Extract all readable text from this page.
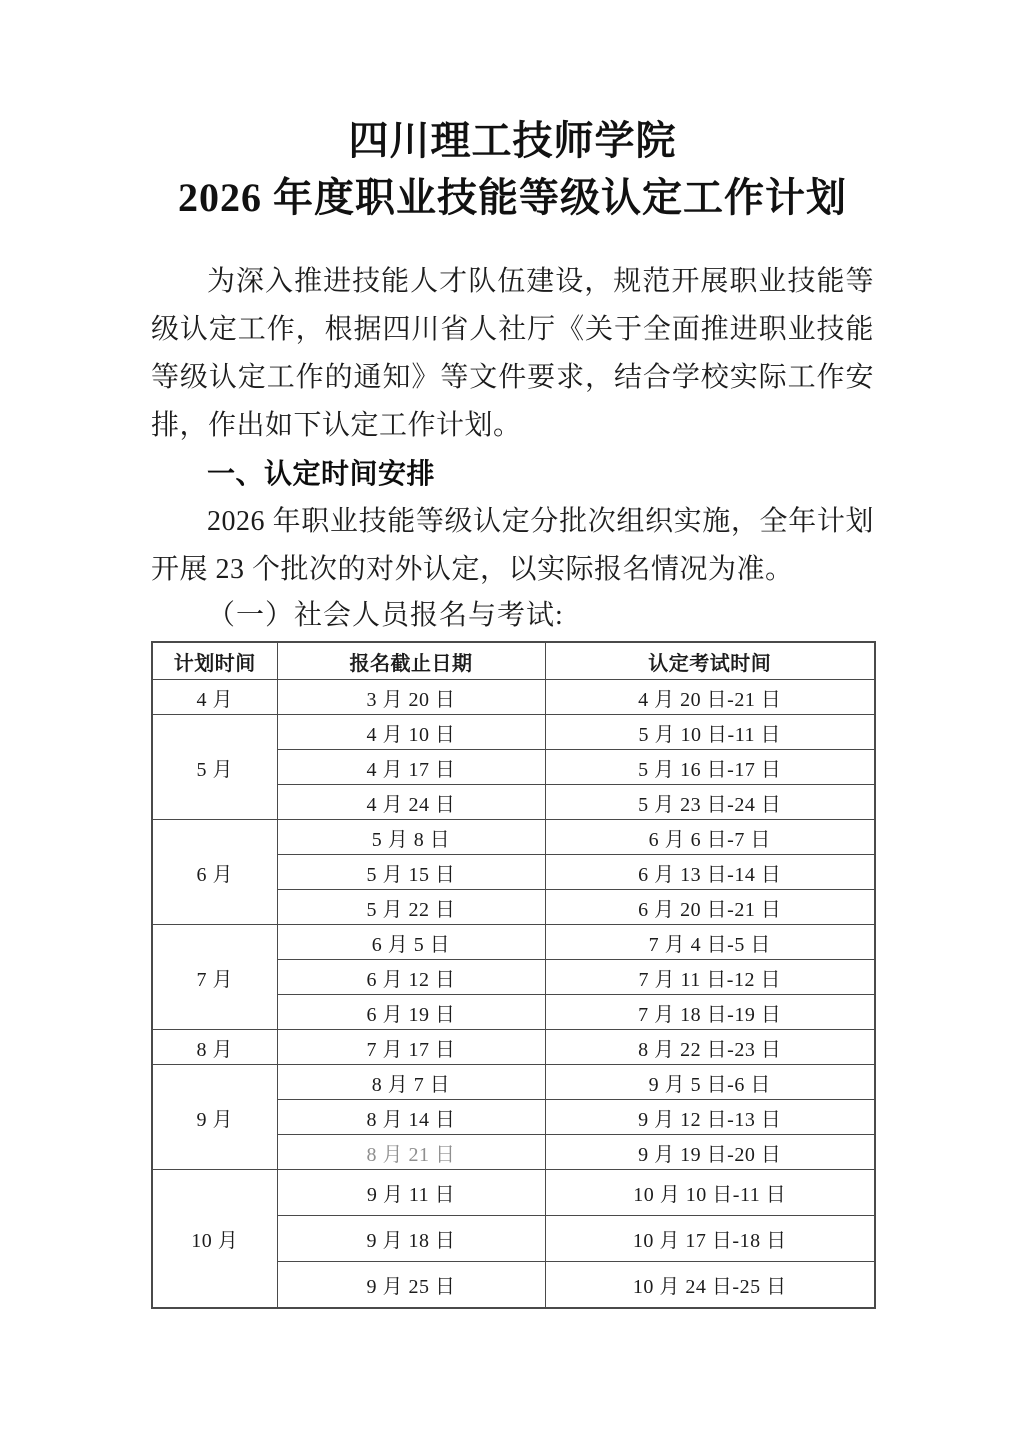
四川理工技师学院
2026 年度职业技能等级认定工作计划

为深入推进技能人才队伍建设，规范开展职业技能等级认定工作，根据四川省人社厅《关于全面推进职业技能等级认定工作的通知》等文件要求，结合学校实际工作安排，作出如下认定工作计划。

一、认定时间安排

2026 年职业技能等级认定分批次组织实施，全年计划开展 23 个批次的对外认定，以实际报名情况为准。

（一）社会人员报名与考试:

计划时间	报名截止日期	认定考试时间
4 月	3 月 20 日	4 月 20 日-21 日
5 月	4 月 10 日	5 月 10 日-11 日
	4 月 17 日	5 月 16 日-17 日
	4 月 24 日	5 月 23 日-24 日
6 月	5 月 8 日	6 月 6 日-7 日
	5 月 15 日	6 月 13 日-14 日
	5 月 22 日	6 月 20 日-21 日
7 月	6 月 5 日	7 月 4 日-5 日
	6 月 12 日	7 月 11 日-12 日
	6 月 19 日	7 月 18 日-19 日
8 月	7 月 17 日	8 月 22 日-23 日
9 月	8 月 7 日	9 月 5 日-6 日
	8 月 14 日	9 月 12 日-13 日
	8 月 21 日	9 月 19 日-20 日
10 月	9 月 11 日	10 月 10 日-11 日
	9 月 18 日	10 月 17 日-18 日
	9 月 25 日	10 月 24 日-25 日
